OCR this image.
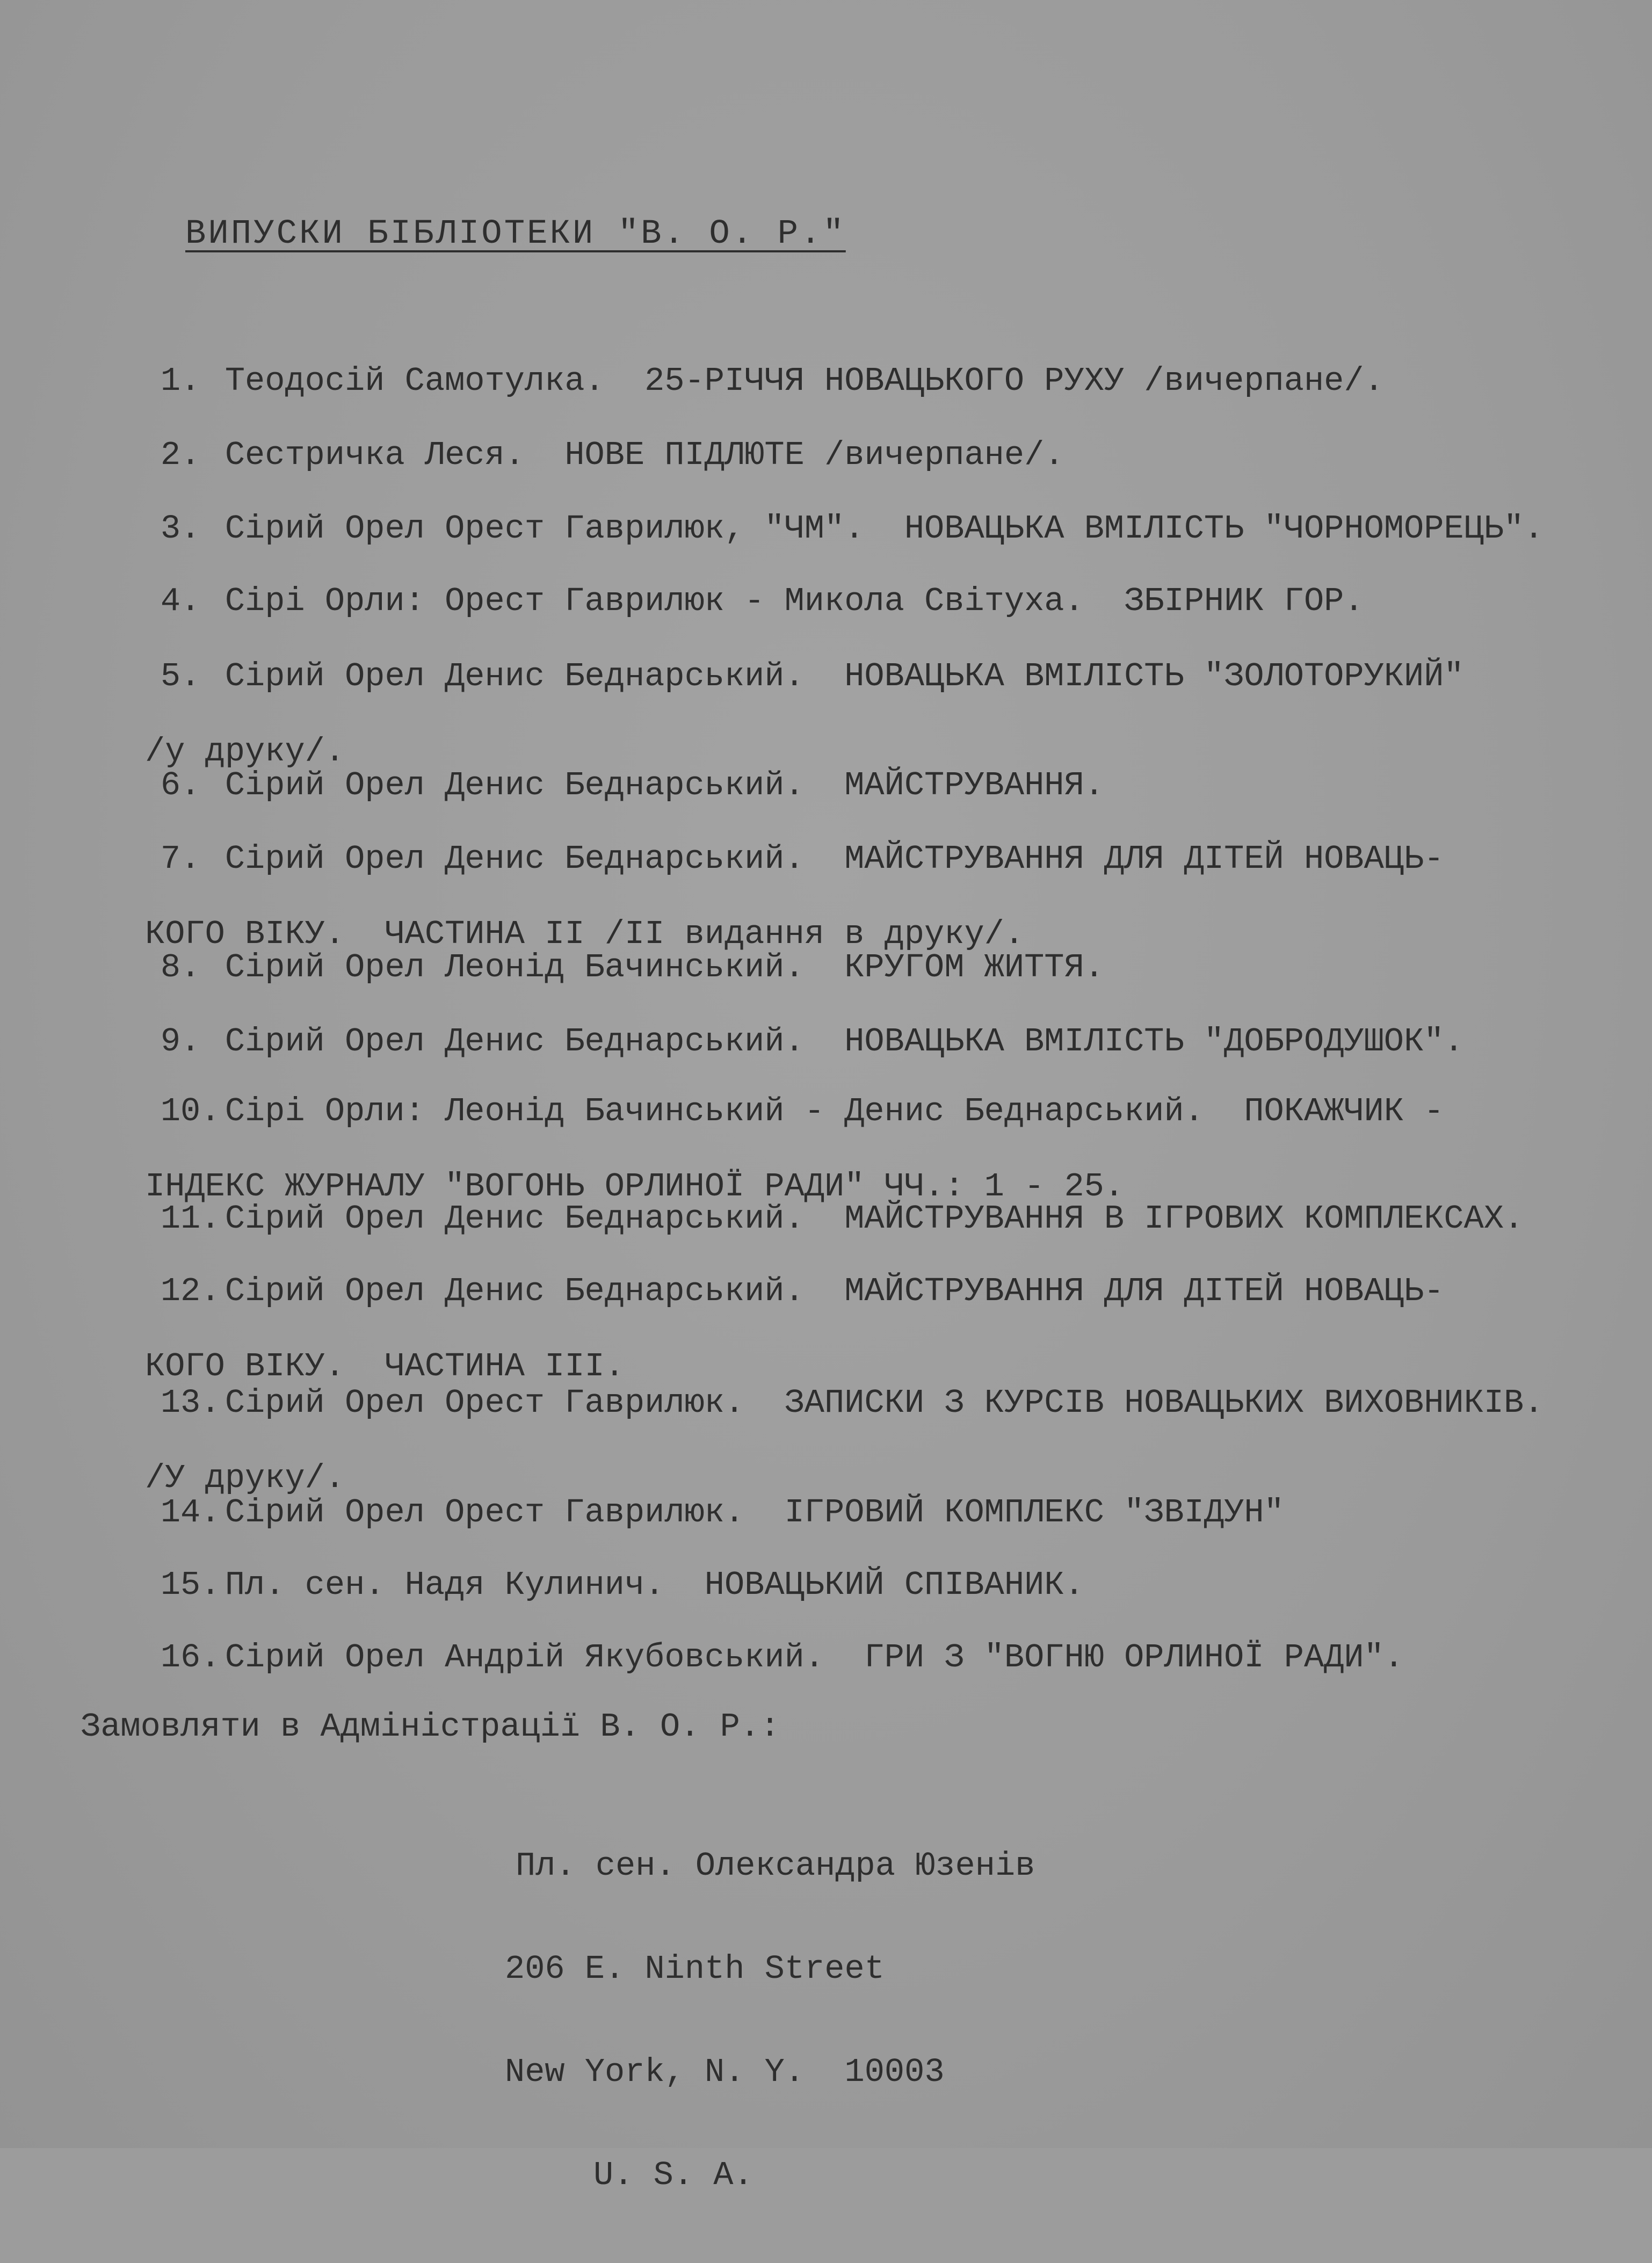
ВИПУСКИ БІБЛІОТЕКИ "В. О. Р."

1. Теодосій Самотулка.  25-РІЧЧЯ НОВАЦЬКОГО РУХУ /вичерпане/.

2. Сестричка Леся.  НОВЕ ПІДЛЮТЕ /вичерпане/.

3. Сірий Орел Орест Гаврилюк, "ЧМ".  НОВАЦЬКА ВМІЛІСТЬ "ЧОРНОМОРЕЦЬ".

4. Сірі Орли: Орест Гаврилюк - Микола Світуха.  ЗБІРНИК ГОР.

5. Сірий Орел Денис Беднарський.  НОВАЦЬКА ВМІЛІСТЬ "ЗОЛОТОРУКИЙ"

/у друку/.

6. Сірий Орел Денис Беднарський.  МАЙСТРУВАННЯ.

7. Сірий Орел Денис Беднарський.  МАЙСТРУВАННЯ ДЛЯ ДІТЕЙ НОВАЦЬ-

КОГО ВІКУ.  ЧАСТИНА II /II видання в друку/.

8. Сірий Орел Леонід Бачинський.  КРУГОМ ЖИТТЯ.

9. Сірий Орел Денис Беднарський.  НОВАЦЬКА ВМІЛІСТЬ "ДОБРОДУШОК".

10. Сірі Орли: Леонід Бачинський - Денис Беднарський.  ПОКАЖЧИК -

ІНДЕКС ЖУРНАЛУ "ВОГОНЬ ОРЛИНОЇ РАДИ" ЧЧ.: 1 - 25.

11. Сірий Орел Денис Беднарський.  МАЙСТРУВАННЯ В ІГРОВИХ КОМПЛЕКСАХ.

12. Сірий Орел Денис Беднарський.  МАЙСТРУВАННЯ ДЛЯ ДІТЕЙ НОВАЦЬ-

КОГО ВІКУ.  ЧАСТИНА III.

13. Сірий Орел Орест Гаврилюк.  ЗАПИСКИ З КУРСІВ НОВАЦЬКИХ ВИХОВНИКІВ.

/У друку/.

14. Сірий Орел Орест Гаврилюк.  ІГРОВИЙ КОМПЛЕКС "ЗВІДУН"

15. Пл. сен. Надя Кулинич.  НОВАЦЬКИЙ СПІВАНИК.

16. Сірий Орел Андрій Якубовський.  ГРИ З "ВОГНЮ ОРЛИНОЇ РАДИ".

Замовляти в Адміністрації В. О. Р.:

Пл. сен. Олександра Юзенів

206 E. Ninth Street

New York, N. Y.  10003

U. S. A.
